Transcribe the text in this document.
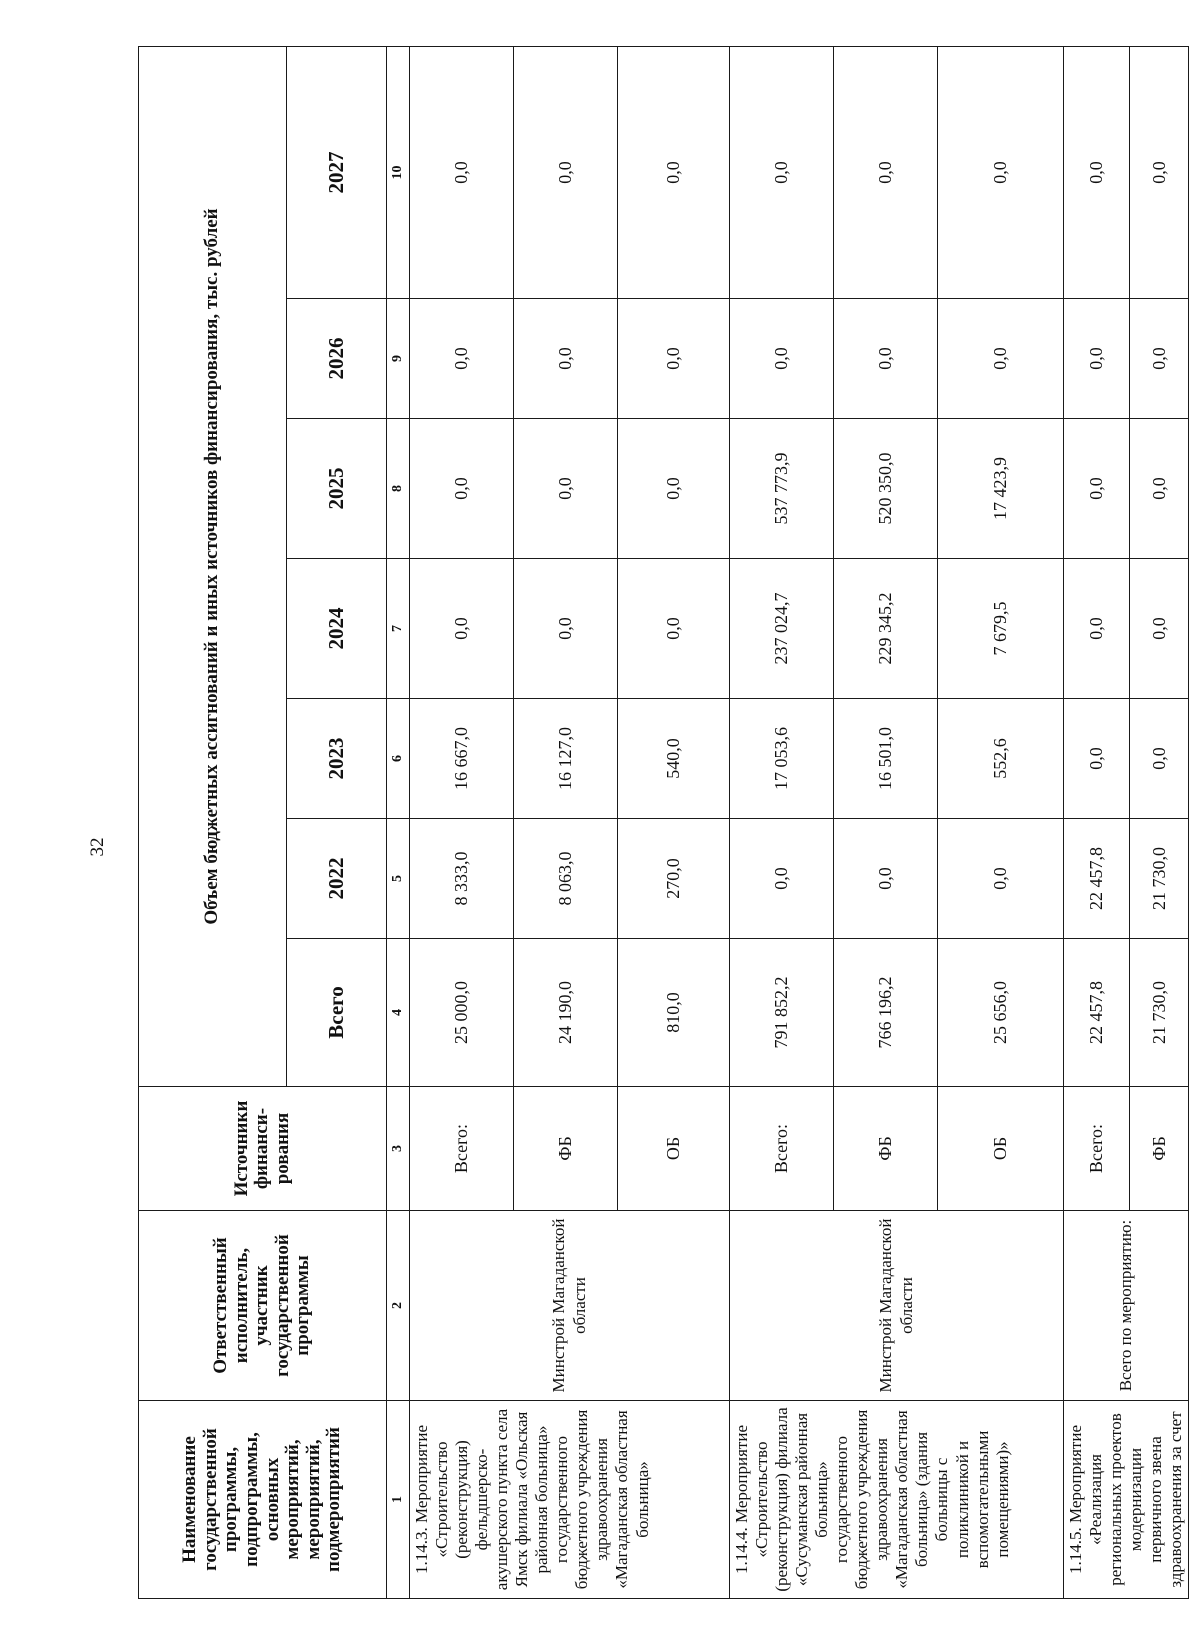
32
Наименование государственной программы, подпрограммы, основных мероприятий, мероприятий, подмероприятий	Ответственный исполнитель, участник государственной программы	Источники финанси-рования	Объем бюджетных ассигнований и иных источников финансирования, тыс. рублей						
			Всего	2022	2023	2024	2025	2026	2027
1	2	3	4	5	6	7	8	9	10
1.14.3. Мероприятие «Строительство (реконструкция) фельдшерско-акушерского пункта села Ямск филиала «Ольская районная больница» государственного бюджетного учреждения здравоохранения «Магаданская областная больница»	Минстрой Магаданской области	Всего:	25 000,0	8 333,0	16 667,0	0,0	0,0	0,0	0,0
		ФБ	24 190,0	8 063,0	16 127,0	0,0	0,0	0,0	0,0
		ОБ	810,0	270,0	540,0	0,0	0,0	0,0	0,0
1.14.4. Мероприятие «Строительство (реконструкция) филиала «Сусуманская районная больница» государственного бюджетного учреждения здравоохранения «Магаданская областная больница» (здания больницы с поликлиникой и вспомогательными помещениями)»	Минстрой Магаданской области	Всего:	791 852,2	0,0	17 053,6	237 024,7	537 773,9	0,0	0,0
		ФБ	766 196,2	0,0	16 501,0	229 345,2	520 350,0	0,0	0,0
		ОБ	25 656,0	0,0	552,6	7 679,5	17 423,9	0,0	0,0
1.14.5. Мероприятие «Реализация региональных проектов модернизации первичного звена здравоохранения за счет	Всего по мероприятию:	Всего:	22 457,8	22 457,8	0,0	0,0	0,0	0,0	0,0
		ФБ	21 730,0	21 730,0	0,0	0,0	0,0	0,0	0,0
